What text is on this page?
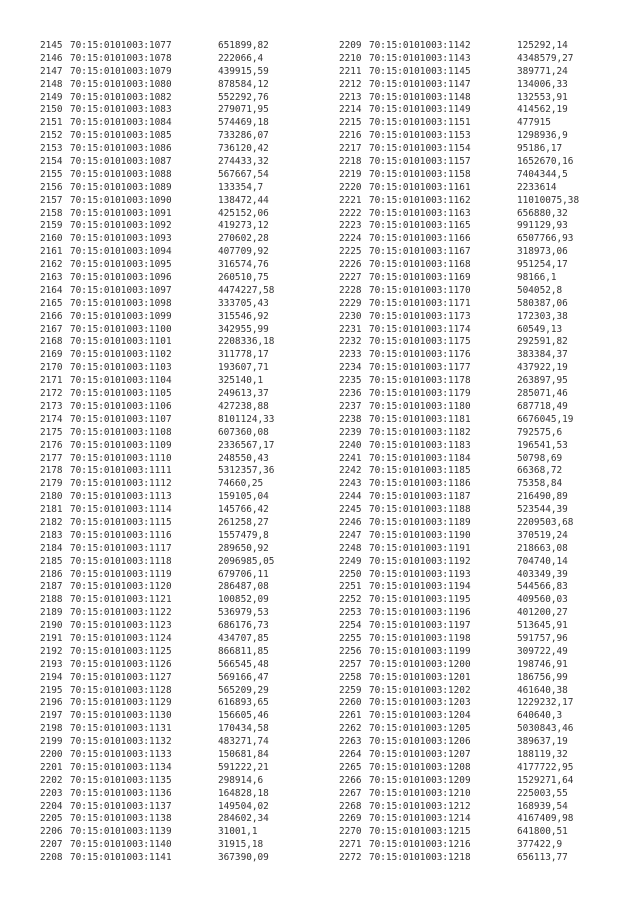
2145 70:15:0101003:1077	651899,82
2146 70:15:0101003:1078	222066,4
2147 70:15:0101003:1079	439915,59
2148 70:15:0101003:1080	878584,12
2149 70:15:0101003:1082	552292,76
2150 70:15:0101003:1083	279071,95
2151 70:15:0101003:1084	574469,18
2152 70:15:0101003:1085	733286,07
2153 70:15:0101003:1086	736120,42
2154 70:15:0101003:1087	274433,32
2155 70:15:0101003:1088	567667,54
2156 70:15:0101003:1089	133354,7
2157 70:15:0101003:1090	138472,44
2158 70:15:0101003:1091	425152,06
2159 70:15:0101003:1092	419273,12
2160 70:15:0101003:1093	270602,28
2161 70:15:0101003:1094	407709,92
2162 70:15:0101003:1095	316574,76
2163 70:15:0101003:1096	260510,75
2164 70:15:0101003:1097	4474227,58
2165 70:15:0101003:1098	333705,43
2166 70:15:0101003:1099	315546,92
2167 70:15:0101003:1100	342955,99
2168 70:15:0101003:1101	2208336,18
2169 70:15:0101003:1102	311778,17
2170 70:15:0101003:1103	193607,71
2171 70:15:0101003:1104	325140,1
2172 70:15:0101003:1105	249613,37
2173 70:15:0101003:1106	427238,88
2174 70:15:0101003:1107	8101124,33
2175 70:15:0101003:1108	607360,08
2176 70:15:0101003:1109	2336567,17
2177 70:15:0101003:1110	248550,43
2178 70:15:0101003:1111	5312357,36
2179 70:15:0101003:1112	74660,25
2180 70:15:0101003:1113	159105,04
2181 70:15:0101003:1114	145766,42
2182 70:15:0101003:1115	261258,27
2183 70:15:0101003:1116	1557479,8
2184 70:15:0101003:1117	289650,92
2185 70:15:0101003:1118	2096985,05
2186 70:15:0101003:1119	679706,11
2187 70:15:0101003:1120	286487,08
2188 70:15:0101003:1121	100852,09
2189 70:15:0101003:1122	536979,53
2190 70:15:0101003:1123	686176,73
2191 70:15:0101003:1124	434707,85
2192 70:15:0101003:1125	866811,85
2193 70:15:0101003:1126	566545,48
2194 70:15:0101003:1127	569166,47
2195 70:15:0101003:1128	565209,29
2196 70:15:0101003:1129	616893,65
2197 70:15:0101003:1130	156605,46
2198 70:15:0101003:1131	170434,58
2199 70:15:0101003:1132	483271,74
2200 70:15:0101003:1133	150681,84
2201 70:15:0101003:1134	591222,21
2202 70:15:0101003:1135	298914,6
2203 70:15:0101003:1136	164828,18
2204 70:15:0101003:1137	149504,02
2205 70:15:0101003:1138	284602,34
2206 70:15:0101003:1139	31001,1
2207 70:15:0101003:1140	31915,18
2208 70:15:0101003:1141	367390,09
2209 70:15:0101003:1142	125292,14
2210 70:15:0101003:1143	4348579,27
2211 70:15:0101003:1145	389771,24
2212 70:15:0101003:1147	134006,33
2213 70:15:0101003:1148	132553,91
2214 70:15:0101003:1149	414562,19
2215 70:15:0101003:1151	477915
2216 70:15:0101003:1153	1298936,9
2217 70:15:0101003:1154	95186,17
2218 70:15:0101003:1157	1652670,16
2219 70:15:0101003:1158	7404344,5
2220 70:15:0101003:1161	2233614
2221 70:15:0101003:1162	11010075,38
2222 70:15:0101003:1163	656880,32
2223 70:15:0101003:1165	991129,93
2224 70:15:0101003:1166	6507766,93
2225 70:15:0101003:1167	318973,06
2226 70:15:0101003:1168	951254,17
2227 70:15:0101003:1169	98166,1
2228 70:15:0101003:1170	504052,8
2229 70:15:0101003:1171	580387,06
2230 70:15:0101003:1173	172303,38
2231 70:15:0101003:1174	60549,13
2232 70:15:0101003:1175	292591,82
2233 70:15:0101003:1176	383384,37
2234 70:15:0101003:1177	437922,19
2235 70:15:0101003:1178	263897,95
2236 70:15:0101003:1179	285071,46
2237 70:15:0101003:1180	687718,49
2238 70:15:0101003:1181	6676045,19
2239 70:15:0101003:1182	792575,6
2240 70:15:0101003:1183	196541,53
2241 70:15:0101003:1184	50798,69
2242 70:15:0101003:1185	66368,72
2243 70:15:0101003:1186	75358,84
2244 70:15:0101003:1187	216490,89
2245 70:15:0101003:1188	523544,39
2246 70:15:0101003:1189	2209503,68
2247 70:15:0101003:1190	370519,24
2248 70:15:0101003:1191	218663,08
2249 70:15:0101003:1192	704740,14
2250 70:15:0101003:1193	403349,39
2251 70:15:0101003:1194	544566,83
2252 70:15:0101003:1195	409560,03
2253 70:15:0101003:1196	401200,27
2254 70:15:0101003:1197	513645,91
2255 70:15:0101003:1198	591757,96
2256 70:15:0101003:1199	309722,49
2257 70:15:0101003:1200	198746,91
2258 70:15:0101003:1201	186756,99
2259 70:15:0101003:1202	461640,38
2260 70:15:0101003:1203	1229232,17
2261 70:15:0101003:1204	640640,3
2262 70:15:0101003:1205	5030843,46
2263 70:15:0101003:1206	389637,19
2264 70:15:0101003:1207	188119,32
2265 70:15:0101003:1208	4177722,95
2266 70:15:0101003:1209	1529271,64
2267 70:15:0101003:1210	225003,55
2268 70:15:0101003:1212	168939,54
2269 70:15:0101003:1214	4167409,98
2270 70:15:0101003:1215	641800,51
2271 70:15:0101003:1216	377422,9
2272 70:15:0101003:1218	656113,77
